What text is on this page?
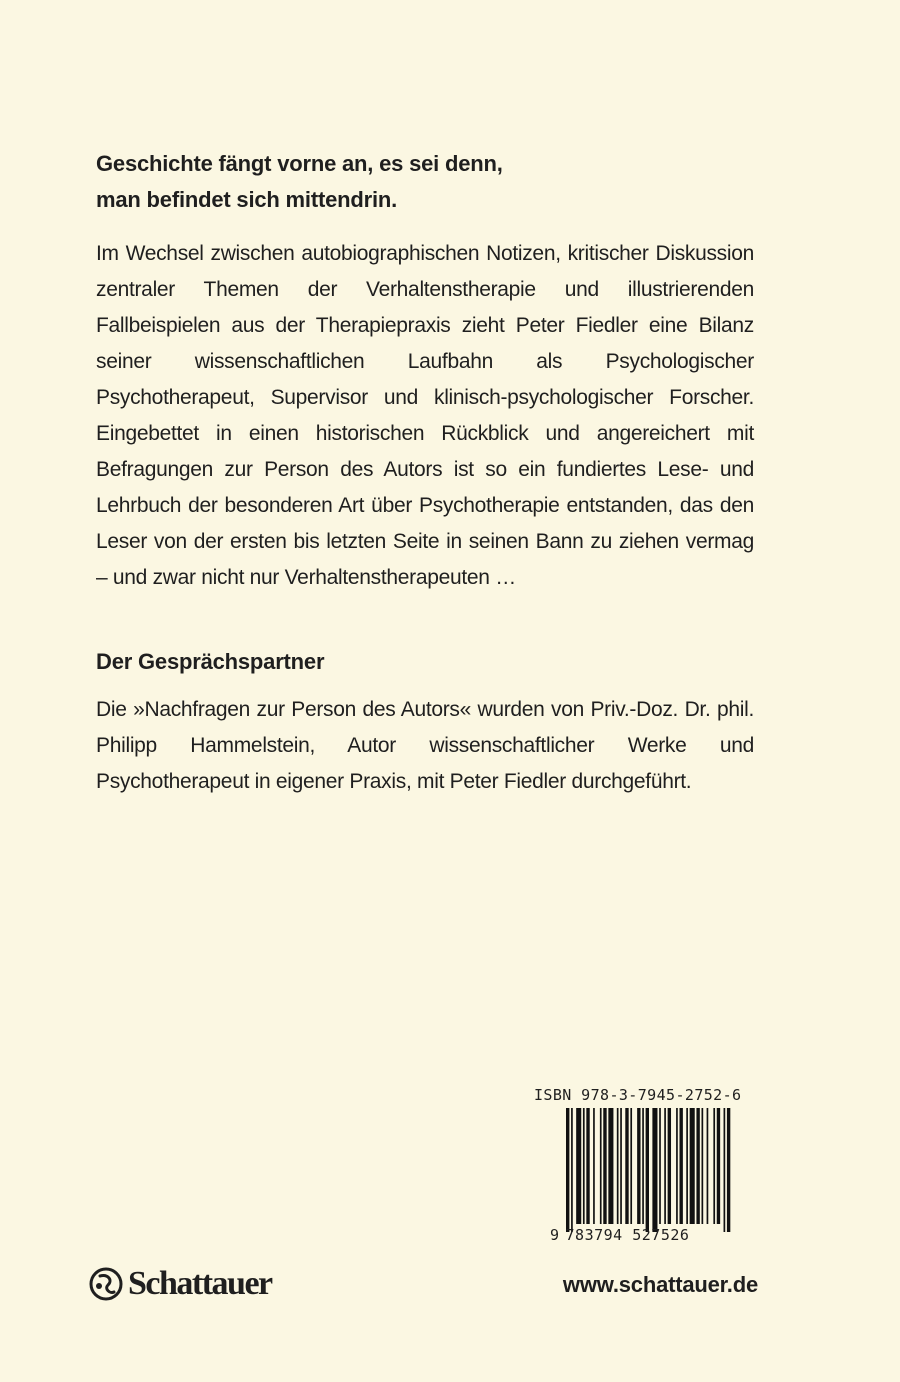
Geschichte fängt vorne an, es sei denn,
man befindet sich mittendrin.

Im Wechsel zwischen autobiographischen Notizen, kritischer Diskussion zentraler Themen der Verhaltenstherapie und illustrierenden Fallbeispielen aus der Therapiepraxis zieht Peter Fiedler eine Bilanz seiner wissenschaftlichen Laufbahn als Psychologischer Psychotherapeut, Supervisor und klinisch-psychologischer Forscher. Eingebettet in einen historischen Rückblick und angereichert mit Befragungen zur Person des Autors ist so ein fundiertes Lese- und Lehrbuch der besonderen Art über Psychotherapie entstanden, das den Leser von der ersten bis letzten Seite in seinen Bann zu ziehen vermag – und zwar nicht nur Verhaltenstherapeuten …

Der Gesprächspartner

Die »Nachfragen zur Person des Autors« wurden von Priv.-Doz. Dr. phil. Philipp Hammelstein, Autor wissenschaftlicher Werke und Psychotherapeut in eigener Praxis, mit Peter Fiedler durchgeführt.

ISBN 978-3-7945-2752-6
9 783794 527526
Schattauer	www.schattauer.de
